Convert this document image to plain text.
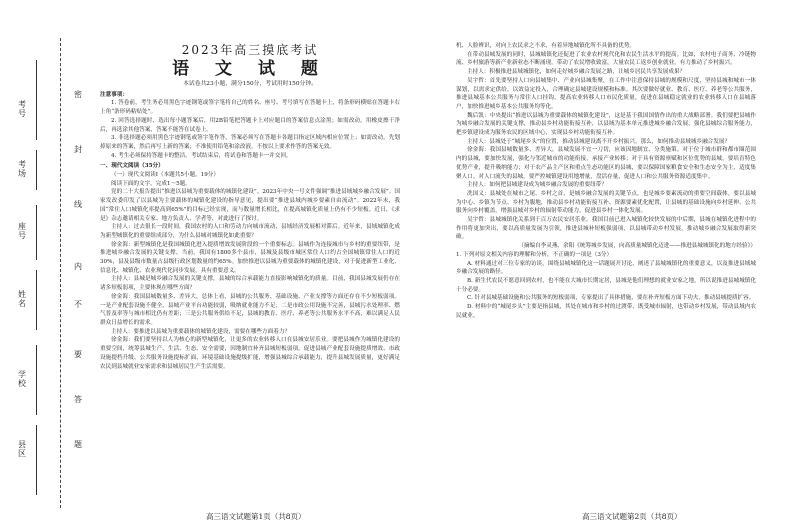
密
封
线
内
不
要
答
题
考号
考场
座号
姓名
学校
县区

2023年高三摸底考试

语 文 试 题

本试卷共23小题，满分150分，考试用时150分钟。

注意事项：

1. 答卷前，考生务必用黑色字迹钢笔或签字笔将自己的姓名、座号、考号填写在答题卡上，将条形码横贴在答题卡右上角“条形码粘贴处”。

2. 回答选择题时，选出每小题答案后，用2B铅笔把答题卡上对应题目的答案信息点涂黑；如需改动，用橡皮擦干净后，再选涂其他答案，答案不能答在试卷上。

3. 非选择题必须用黑色字迹钢笔或签字笔作答，答案必须写在答题卡各题目指定区域内相应位置上；如需改动，先划掉原来的答案，然后再写上新的答案；不准使用铅笔和涂改液。不按以上要求作答的答案无效。

4. 考生必须保持答题卡的整洁。考试结束后，将试卷和答题卡一并交回。

一、现代文阅读（35分）

（一）现代文阅读Ⅰ（本题共5小题，19分）

阅读下面的文字，完成1～5题。

党的二十大报告提出“推进以县城为重要载体的城镇化建设”。2023年中央一号文件强调“推进县域城乡融合发展”。国家发改委印发了以县城为主要载体的城镇化建设的指导意见，提出要“推进县域内城乡要素自由流动”。2022年末，我国“常住人口城镇化率提高到65%”的目标已经实现，而与数量增长相比，在提高城镇化质量上仍有不少短板。近日，《求是》杂志邀请相关专家、地方负责人、学者等，对此进行了探讨。

主持人：过去很长一段时间，我国农村的人口和劳动力向城市流动，县域经济发展相对滞后。近年来，县域城镇化成为新型城镇化的重要组成部分，为什么县城对城镇化如此重要？

徐金海：新型城镇化是我国城镇化进入提质增效发展阶段的一个重要标志。县城作为连接城市与乡村的重要纽带，是推进城乡融合发展的关键支撑。当前，我国有1800多个县市，县城及县级市城区常住人口约占全国城镇常住人口的近30%，县及县级市数量占县级行政区划数量的约65%。加快推进以县城为重要载体的城镇化建设，对于促进新型工业化、信息化、城镇化、农业现代化同步发展，具有重要意义。

主持人：县城是城乡融合发展的关键支撑，县城的综合承载能力直接影响城镇化的质量。目前，我国县城发展仍存在诸多短板弱项，主要体现在哪些方面？

徐金海：我国县城数量多、差异大，总体上看，县城的公共服务、基础设施、产业支撑等方面还存在不少短板弱项。一是产业配套设施不健全，县城产业平台功能较弱，吸纳就业能力不足；二是市政公用设施不完善，县城污水处理率、燃气普及率等与城市相比仍有差距；三是公共服务供给不足，县城的教育、医疗、养老等公共服务水平不高，难以满足人民群众日益增长的需求。

主持人：要推进以县城为重要载体的城镇化建设，需要在哪些方面着力？

徐金海：我们要坚持以人为核心的新型城镇化，让更多的农业转移人口在县城安居乐业。要把县城作为城镇化建设的重要空间，统筹县城生产、生活、生态、安全需要，因地制宜补齐县城短板弱项，促进县城产业配套设施提质增效、市政设施提档升级、公共服务设施提标扩面、环境基础设施提级扩能，增强县城综合承载能力，提升县城发展质量，更好满足农民到县城就业安家需求和县城居民生产生活需要。

机、人脸辨识，对向上农民求之不求，有着异地城镇化所不具备的优势。

在带动县城发展的同时，县城城镇化还促进了农业农村现代化和农民生活水平的提高。比如，农村电子商务、冷链物流、乡村旅游等新产业新业态不断涌现，带动了农民增收致富，大量农民工返乡创业就业，有力推动了乡村振兴。

主持人：积极推进县域城镇化，如何走好城乡融合发展之路，让城乡居民共享发展成果？

吴宇哲：首先要坚持人口向县城集中、产业向县城集聚，在工作中注意保持县城的规模和尺度，坚持县城和城市一体谋划，以需求定供给，以效益定投入，合理确定县城建设规模和标准。其次要做好就业、教育、医疗、养老等公共服务，推进县城基本公共服务与常住人口挂钩，提高农业转移人口市民化质量，促进在县城稳定就业的农业转移人口在县城落户，加快推进城乡基本公共服务均等化。

魏后凯：中央提出“推进以县城为重要载体的城镇化建设”，这是基于我国国情作出的重大战略部署。我们要把县城作为城乡融合发展的关键支撑，推动县乡村功能衔接互补，以县域为基本单元推进城乡融合发展，强化县城综合服务能力，把乡镇建设成为服务农民的区域中心，实现县乡村功能衔接互补。

主持人：县城处于“城尾乡头”的位置，推动县城建设离不开乡村振兴。那么，如何推动县域城乡融合发展？

徐金海：我国县城数量多、差异大，县城发展不宜一刀切，应该因地制宜、分类施策。对于位于城市群和都市圈范围内的县城，要加快发展，强化与邻近城市的功能衔接，承接产业转移；对于具有资源禀赋和区位优势的县城，要培育特色优势产业，提升吸纳能力；对于农产品主产区和重点生态功能区的县城，要以保障国家粮食安全和生态安全为主，适度集聚人口。对人口流失的县城，要严控城镇建设用地增量，盘活存量，促进人口和公共服务资源适度集中。

主持人：如何把县城建设成为城乡融合发展的重要纽带？

冼国义：县城处在城市之尾、乡村之首，是城乡融合发展的关键节点，也是城乡要素流动的重要空间载体。要以县城为中心、乡镇为节点、乡村为腹地，推动县乡村功能衔接互补、资源要素优化配置，让县城的基础设施向乡村延伸、公共服务向乡村覆盖，增强县城对乡村的辐射带动能力，促进县乡村一体化发展。

吴宇哲：县城城镇化关系到千百万农民安居乐业。我国目前已进入城镇化较快发展的中后期，县城在城镇化进程中的作用将更加突出，要以高质量发展为引领，推进县城补短板强弱项，以县城带动乡村发展，推动城乡融合发展取得新突破。

（摘编自李灵燕、余阳《统筹城乡发展，向高质量城镇化迈进——推进县城城镇化的地方经验》）

1. 下列对原文相关内容的理解和分析，不正确的一项是（3分）

A. 材料通过对三位专家的访谈，围绕县城城镇化这一话题展开讨论，阐述了县城城镇化的重要意义，以及推进县域城乡融合发展的路径。

B. 新生代农民不愿意回到农村，也不能在大城市长期定居，县城是他们理想的就业安家之地，所以说推进县城城镇化十分必要。

C. 针对县城基础设施和公共服务的短板弱项，专家提出了具体措施，要在补齐短板方面下功夫，推动县城提质扩容。

D. 材料中的“城尾乡头”主要是指县城，其处在城市和乡村的过渡带，既受城市辐射，也带动乡村发展，带动县域内农民就业。

高三语文试题第1页（共8页）	高三语文试题第2页（共8页）
